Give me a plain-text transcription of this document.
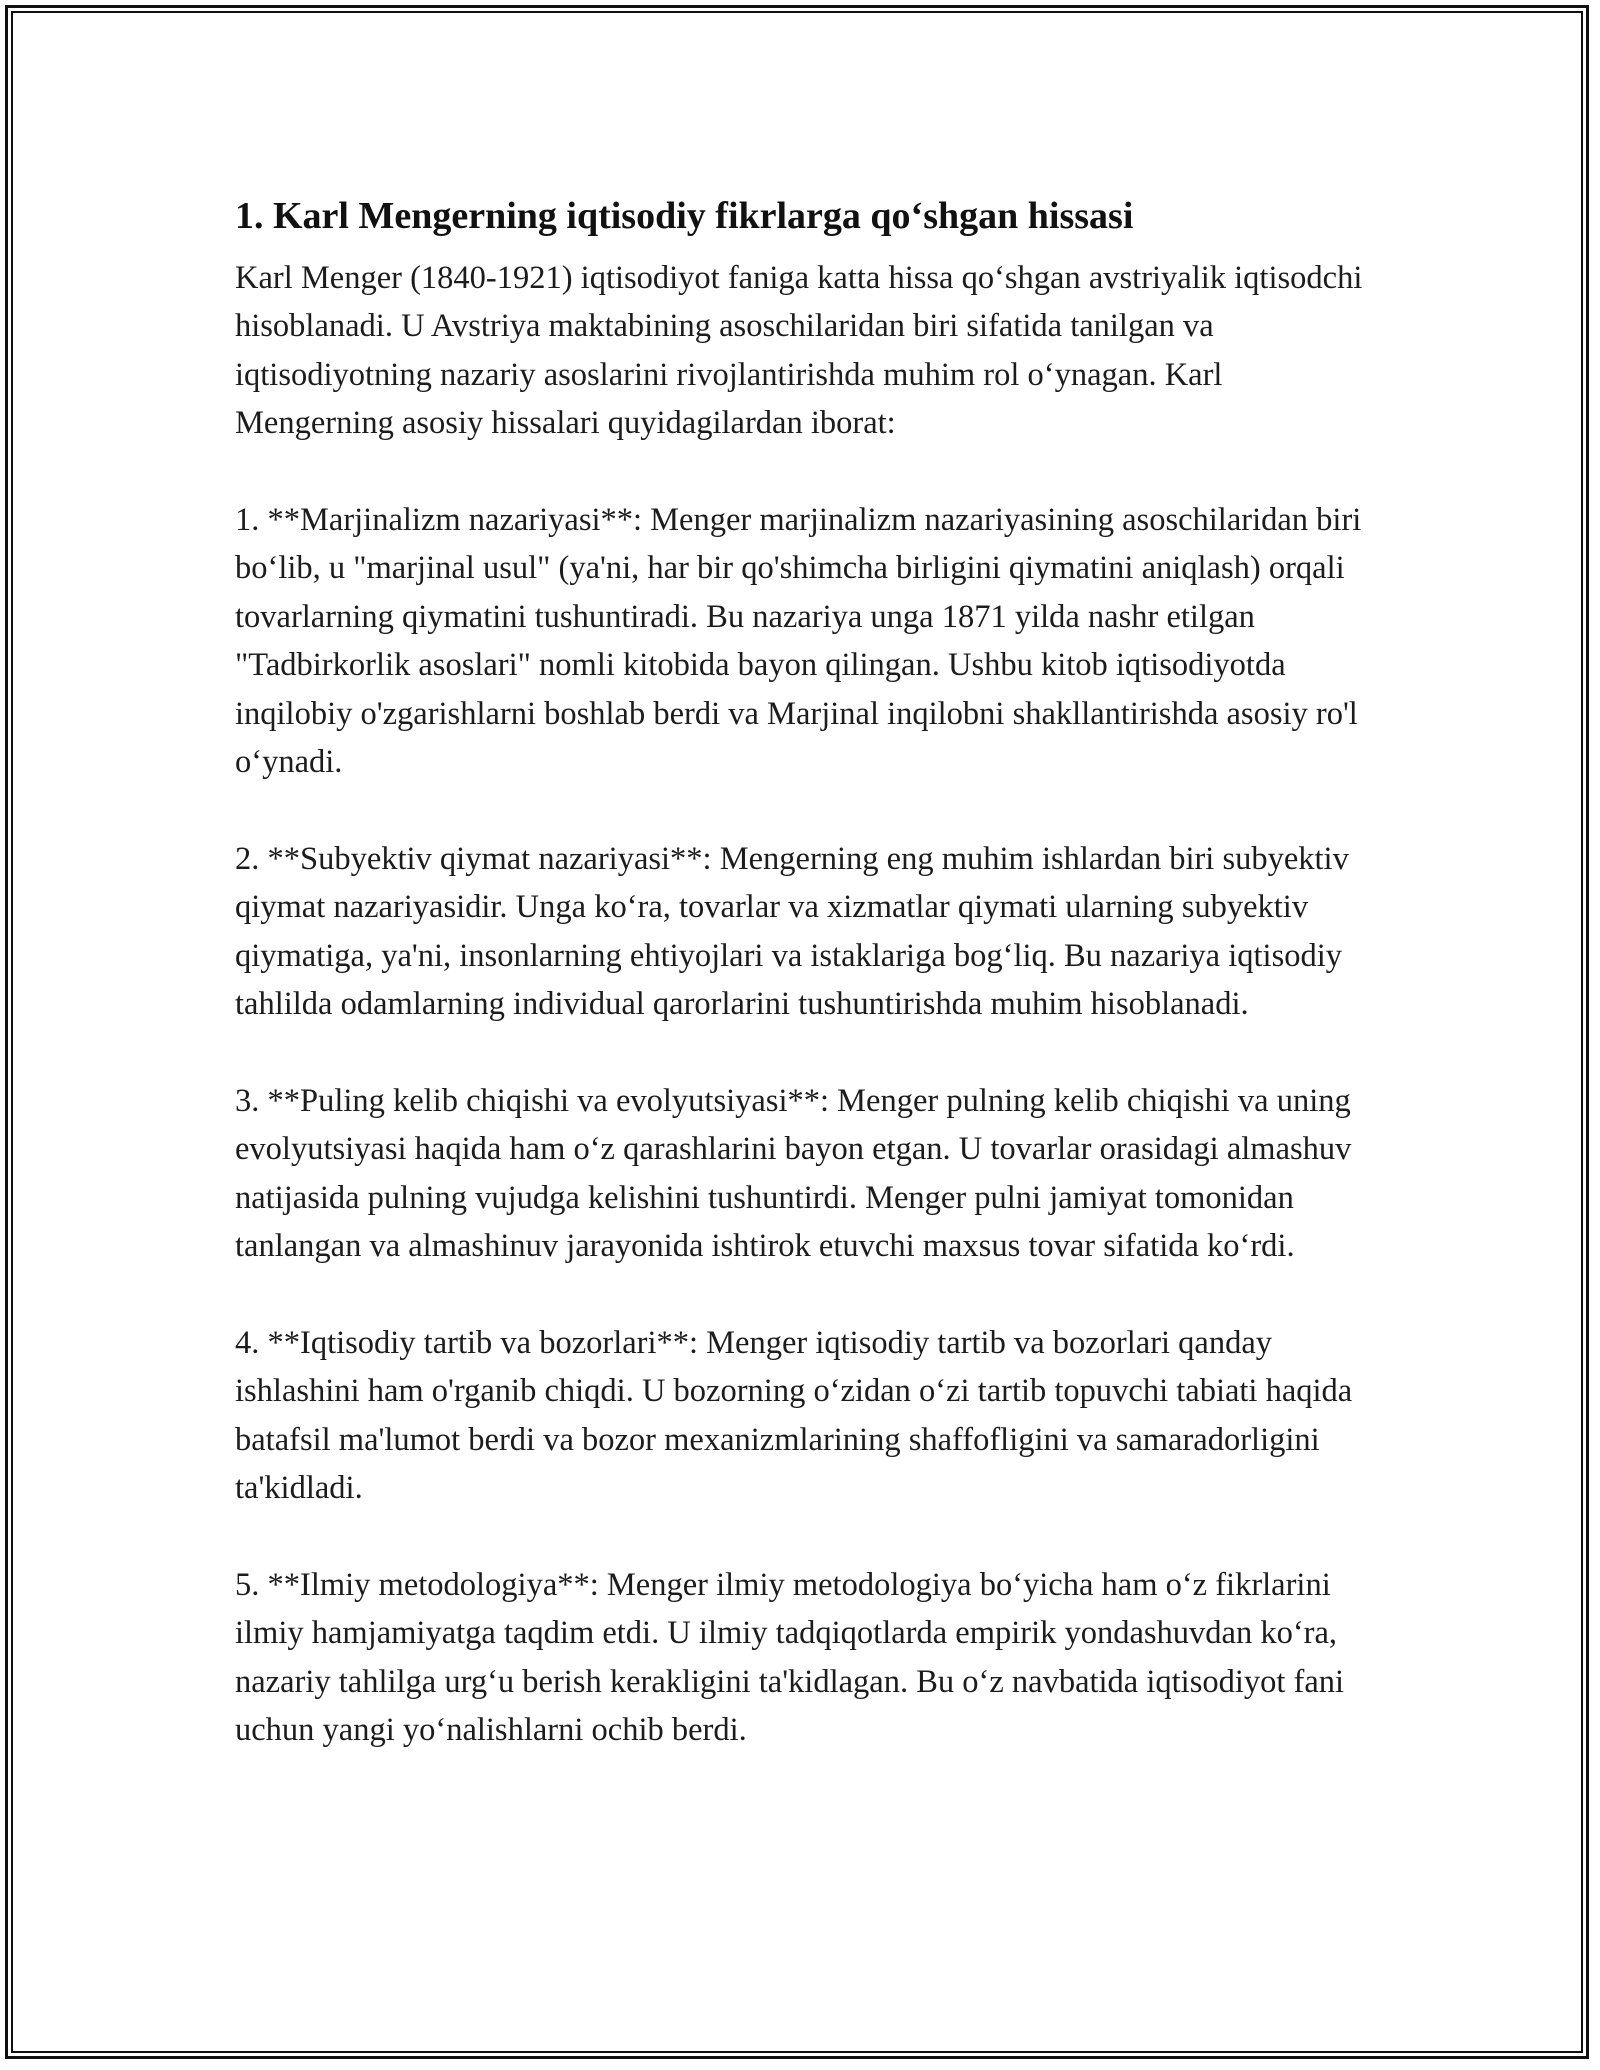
1. Karl Mengerning iqtisodiy fikrlarga qo‘shgan hissasi

Karl Menger (1840-1921) iqtisodiyot faniga katta hissa qo‘shgan avstriyalik iqtisodchi hisoblanadi. U Avstriya maktabining asoschilaridan biri sifatida tanilgan va iqtisodiyotning nazariy asoslarini rivojlantirishda muhim rol o‘ynagan. Karl Mengerning asosiy hissalari quyidagilardan iborat:

1. **Marjinalizm nazariyasi**: Menger marjinalizm nazariyasining asoschilaridan biri bo‘lib, u "marjinal usul" (ya'ni, har bir qo'shimcha birligini qiymatini aniqlash) orqali tovarlarning qiymatini tushuntiradi. Bu nazariya unga 1871 yilda nashr etilgan "Tadbirkorlik asoslari" nomli kitobida bayon qilingan. Ushbu kitob iqtisodiyotda inqilobiy o'zgarishlarni boshlab berdi va Marjinal inqilobni shakllantirishda asosiy ro'l o‘ynadi.

2. **Subyektiv qiymat nazariyasi**: Mengerning eng muhim ishlardan biri subyektiv qiymat nazariyasidir. Unga ko‘ra, tovarlar va xizmatlar qiymati ularning subyektiv qiymatiga, ya'ni, insonlarning ehtiyojlari va istaklariga bog‘liq. Bu nazariya iqtisodiy tahlilda odamlarning individual qarorlarini tushuntirishda muhim hisoblanadi.

3. **Puling kelib chiqishi va evolyutsiyasi**: Menger pulning kelib chiqishi va uning evolyutsiyasi haqida ham o‘z qarashlarini bayon etgan. U tovarlar orasidagi almashuv natijasida pulning vujudga kelishini tushuntirdi. Menger pulni jamiyat tomonidan tanlangan va almashinuv jarayonida ishtirok etuvchi maxsus tovar sifatida ko‘rdi.

4. **Iqtisodiy tartib va bozorlari**: Menger iqtisodiy tartib va bozorlari qanday ishlashini ham o'rganib chiqdi. U bozorning o‘zidan o‘zi tartib topuvchi tabiati haqida batafsil ma'lumot berdi va bozor mexanizmlarining shaffofligini va samaradorligini ta'kidladi.

5. **Ilmiy metodologiya**: Menger ilmiy metodologiya bo‘yicha ham o‘z fikrlarini ilmiy hamjamiyatga taqdim etdi. U ilmiy tadqiqotlarda empirik yondashuvdan ko‘ra, nazariy tahlilga urg‘u berish kerakligini ta'kidlagan. Bu o‘z navbatida iqtisodiyot fani uchun yangi yo‘nalishlarni ochib berdi.
